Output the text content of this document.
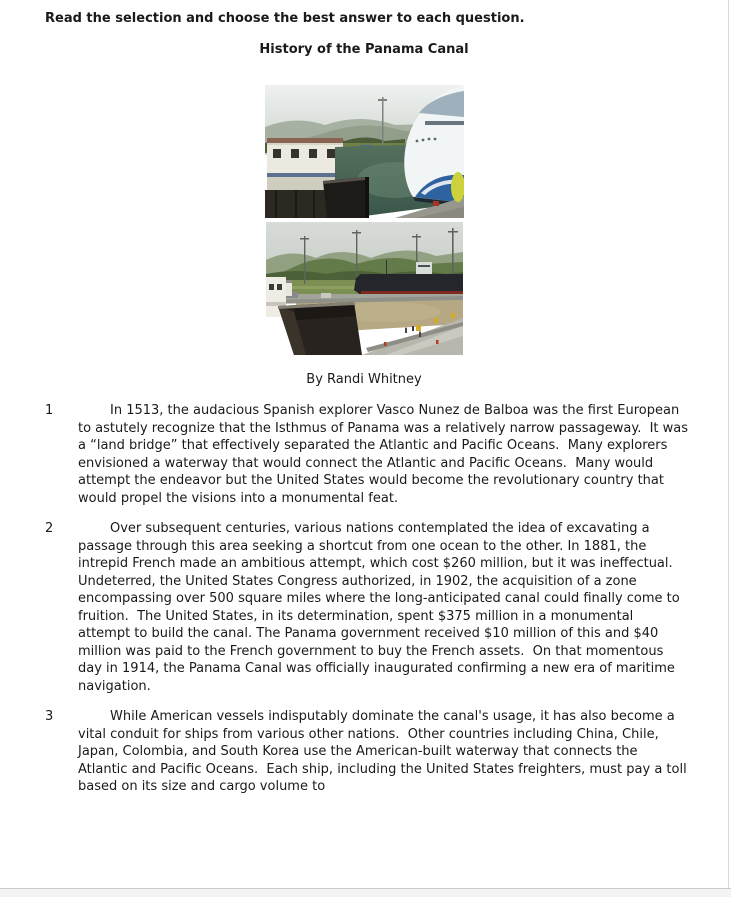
Read the selection and choose the best answer to each question.
History of the Panama Canal
By Randi Whitney
1	In 1513, the audacious Spanish explorer Vasco Nunez de Balboa was the first European to astutely recognize that the Isthmus of Panama was a relatively narrow passageway.  It was a “land bridge” that effectively separated the Atlantic and Pacific Oceans.  Many explorers envisioned a waterway that would connect the Atlantic and Pacific Oceans.  Many would attempt the endeavor but the United States would become the revolutionary country that would propel the visions into a monumental feat.
2	Over subsequent centuries, various nations contemplated the idea of excavating a passage through this area seeking a shortcut from one ocean to the other. In 1881, the intrepid French made an ambitious attempt, which cost $260 million, but it was ineffectual. Undeterred, the United States Congress authorized, in 1902, the acquisition of a zone encompassing over 500 square miles where the long-anticipated canal could finally come to fruition.  The United States, in its determination, spent $375 million in a monumental attempt to build the canal. The Panama government received $10 million of this and $40 million was paid to the French government to buy the French assets.  On that momentous day in 1914, the Panama Canal was officially inaugurated confirming a new era of maritime navigation.
3	While American vessels indisputably dominate the canal's usage, it has also become a vital conduit for ships from various other nations.  Other countries including China, Chile, Japan, Colombia, and South Korea use the American-built waterway that connects the Atlantic and Pacific Oceans.  Each ship, including the United States freighters, must pay a toll based on its size and cargo volume to
